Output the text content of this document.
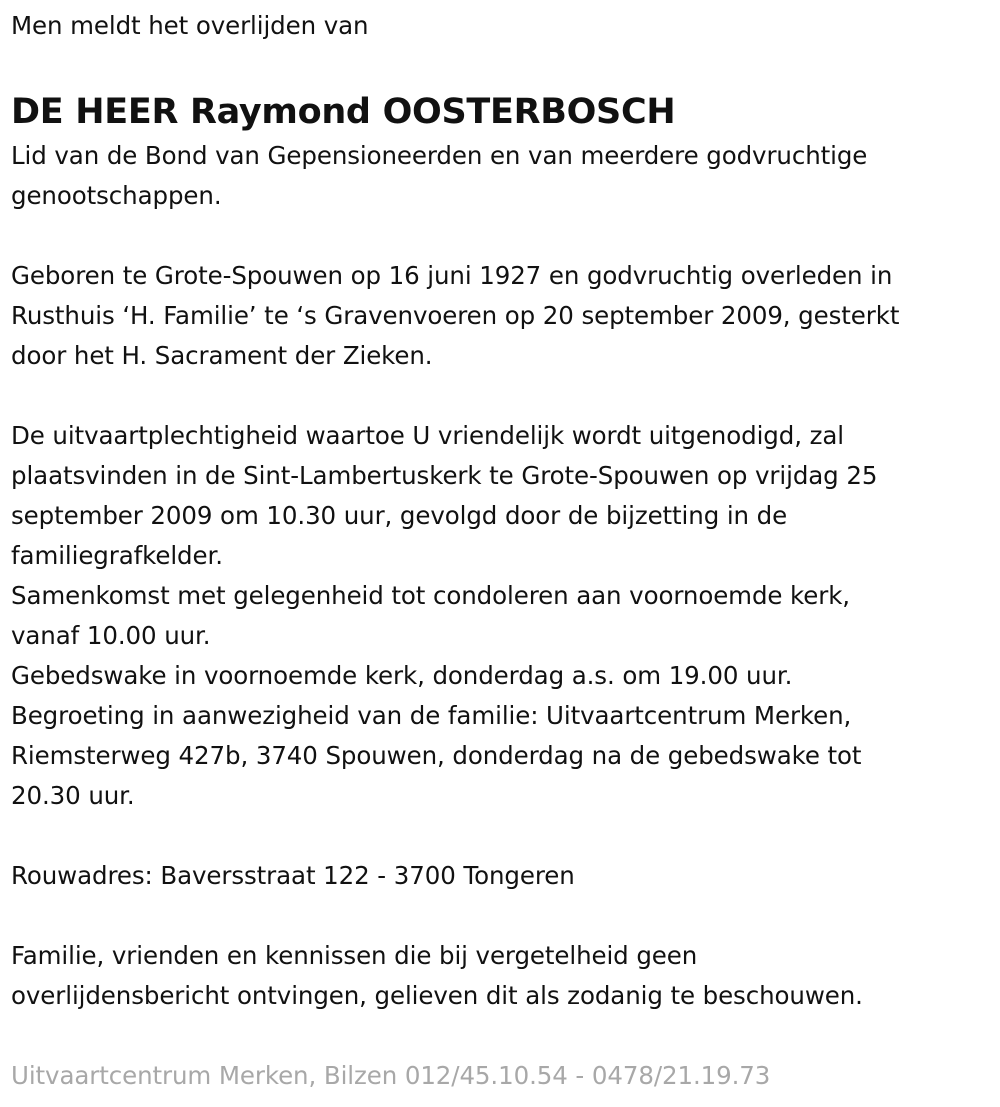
Men meldt het overlijden van
DE HEER Raymond OOSTERBOSCH
Lid van de Bond van Gepensioneerden en van meerdere godvruchtige
genootschappen.
Geboren te Grote-Spouwen op 16 juni 1927 en godvruchtig overleden in
Rusthuis ‘H. Familie’ te ‘s Gravenvoeren op 20 september 2009, gesterkt
door het H. Sacrament der Zieken.
De uitvaartplechtigheid waartoe U vriendelijk wordt uitgenodigd, zal
plaatsvinden in de Sint-Lambertuskerk te Grote-Spouwen op vrijdag 25
september 2009 om 10.30 uur, gevolgd door de bijzetting in de
familiegrafkelder.
Samenkomst met gelegenheid tot condoleren aan voornoemde kerk,
vanaf 10.00 uur.
Gebedswake in voornoemde kerk, donderdag a.s. om 19.00 uur.
Begroeting in aanwezigheid van de familie: Uitvaartcentrum Merken,
Riemsterweg 427b, 3740 Spouwen, donderdag na de gebedswake tot
20.30 uur.
Rouwadres: Baversstraat 122 - 3700 Tongeren
Familie, vrienden en kennissen die bij vergetelheid geen
overlijdensbericht ontvingen, gelieven dit als zodanig te beschouwen.
Uitvaartcentrum Merken, Bilzen 012/45.10.54 - 0478/21.19.73
